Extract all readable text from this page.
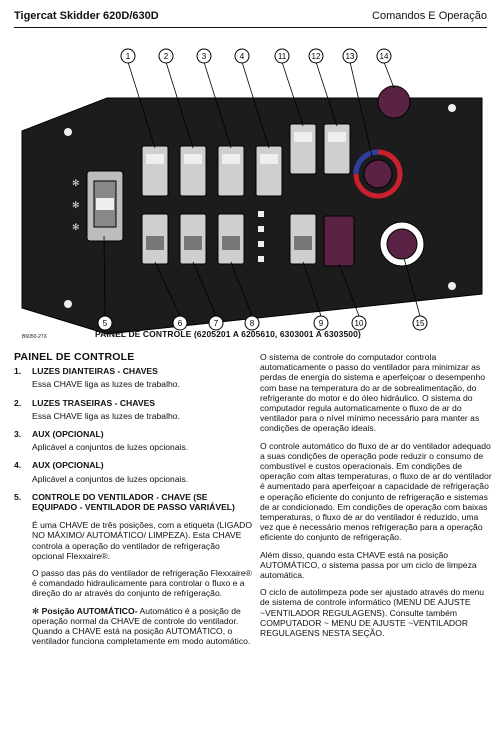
Tigercat Skidder 620D/630D	Comandos E Operação
✻
✻
✻
1	2	3	4	11	12	13	14
5	6	7	8	9	10	15
B6050-27X	PAINEL DE CONTROLE (6205201 A 6205610, 6303001 A 6303500)
PAINEL DE CONTROLE
1. LUZES DIANTEIRAS - CHAVES

Essa CHAVE liga as luzes de trabalho.

2. LUZES TRASEIRAS - CHAVES

Essa CHAVE liga as luzes de trabalho.

3. AUX (OPCIONAL)

Aplicável a conjuntos de luzes opcionais.

4. AUX (OPCIONAL)

Aplicável a conjuntos de luzes opcionais.

5. CONTROLE DO VENTILADOR - CHAVE (SE EQUIPADO - VENTILADOR DE PASSO VARIÁVEL)

É uma CHAVE de três posições, com a etiqueta (LIGADO NO MÁXIMO/ AUTOMÁTICO/ LIMPEZA). Esta CHAVE controla a operação do ventilador de refrigeração opcional Flexxaire®.

O passo das pás do ventilador de refrigeração Flexxaire® é comandado hidraulicamente para controlar o fluxo e a direção do ar através do conjunto de refrigeração.

✻ Posição AUTOMÁTICO- Automático é a posição de operação normal da CHAVE de controle do ventilador. Quando a CHAVE está na posição AUTOMÁTICO, o ventilador funciona completamente em modo automático.

O sistema de controle do computador controla automaticamente o passo do ventilador para minimizar as perdas de energia do sistema e aperfeiçoar o desempenho com base na temperatura do ar de sobrealimentação, do refrigerante do motor e do óleo hidráulico. O sistema do computador regula automaticamente o fluxo de ar do ventilador para o nível mínimo necessário para manter as condições de operação ideais.

O controle automático do fluxo de ar do ventilador adequado a suas condições de operação pode reduzir o consumo de combustível e custos operacionais. Em condições de operação com altas temperaturas, o fluxo de ar do ventilador é aumentado para aperfeiçoar a capacidade de refrigeração e operação eficiente do conjunto de refrigeração e sistemas de ar condicionado. Em condições de operação com baixas temperaturas, o fluxo de ar do ventilador é reduzido, uma vez que é necessário menos refrigeração para a operação eficiente do conjunto de refrigeração.

Além disso, quando esta CHAVE está na posição AUTOMÁTICO, o sistema passa por um ciclo de limpeza automática.

O ciclo de autolimpeza pode ser ajustado através do menu de sistema de controle informático (MENU DE AJUSTE ~VENTILADOR REGULAGENS). Consulte também COMPUTADOR ~ MENU DE AJUSTE ~VENTILADOR REGULAGENS NESTA SEÇÃO.
